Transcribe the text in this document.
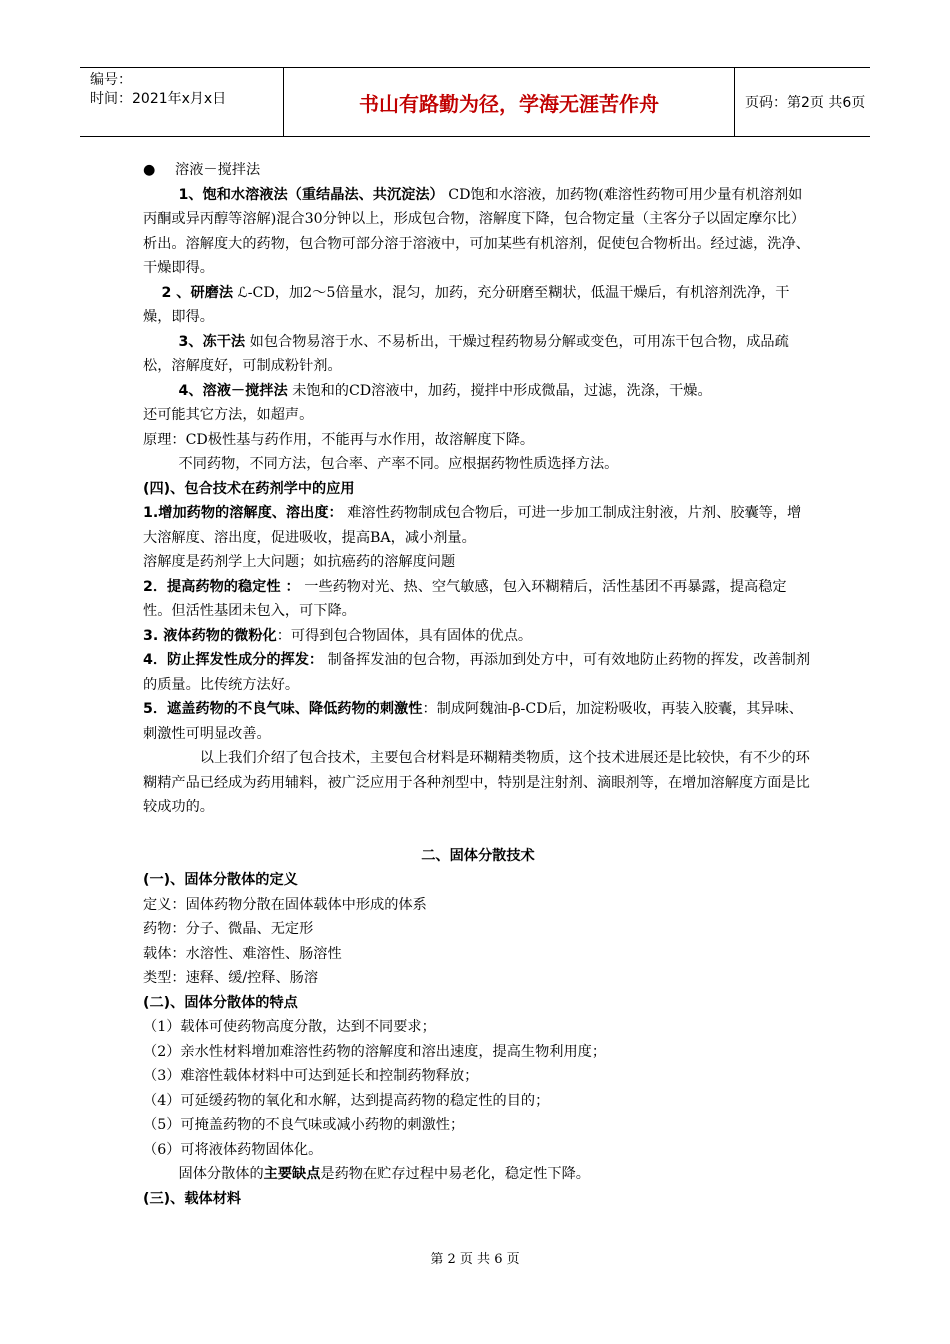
编号：
时间：2021年x月x日	书山有路勤为径，学海无涯苦作舟	页码：第2页 共6页

● 溶液－搅拌法

1、饱和水溶液法（重结晶法、共沉淀法） CD饱和水溶液，加药物(难溶性药物可用少量有机溶剂如丙酮或异丙醇等溶解)混合30分钟以上，形成包合物，溶解度下降，包合物定量（主客分子以固定摩尔比）析出。溶解度大的药物，包合物可部分溶于溶液中，可加某些有机溶剂，促使包合物析出。经过滤，洗净、干燥即得。

2 、研磨法 ℒ-CD，加2～5倍量水，混匀，加药，充分研磨至糊状，低温干燥后，有机溶剂洗净，干燥，即得。

3、冻干法 如包合物易溶于水、不易析出，干燥过程药物易分解或变色，可用冻干包合物，成品疏松，溶解度好，可制成粉针剂。

4、溶液－搅拌法 未饱和的CD溶液中，加药，搅拌中形成微晶，过滤，洗涤，干燥。

还可能其它方法，如超声。

原理：CD极性基与药作用，不能再与水作用，故溶解度下降。

不同药物，不同方法，包合率、产率不同。应根据药物性质选择方法。

(四)、包合技术在药剂学中的应用

1.增加药物的溶解度、溶出度： 难溶性药物制成包合物后，可进一步加工制成注射液，片剂、胶囊等，增大溶解度、溶出度，促进吸收，提高BA，减小剂量。

溶解度是药剂学上大问题；如抗癌药的溶解度问题

2．提高药物的稳定性 ： 一些药物对光、热、空气敏感，包入环糊精后，活性基团不再暴露，提高稳定性。但活性基团未包入，可下降。

3. 液体药物的微粉化：可得到包合物固体，具有固体的优点。

4．防止挥发性成分的挥发： 制备挥发油的包合物，再添加到处方中，可有效地防止药物的挥发，改善制剂的质量。比传统方法好。

5．遮盖药物的不良气味、降低药物的刺激性：制成阿魏油-β-CD后，加淀粉吸收，再装入胶囊，其异味、刺激性可明显改善。

以上我们介绍了包合技术，主要包合材料是环糊精类物质，这个技术进展还是比较快，有不少的环糊精产品已经成为药用辅料，被广泛应用于各种剂型中，特别是注射剂、滴眼剂等，在增加溶解度方面是比较成功的。

二、固体分散技术

(一)、固体分散体的定义

定义：固体药物分散在固体载体中形成的体系

药物：分子、微晶、无定形

载体：水溶性、难溶性、肠溶性

类型：速释、缓/控释、肠溶

(二)、固体分散体的特点

（1）载体可使药物高度分散，达到不同要求；

（2）亲水性材料增加难溶性药物的溶解度和溶出速度，提高生物利用度；

（3）难溶性载体材料中可达到延长和控制药物释放；

（4）可延缓药物的氧化和水解，达到提高药物的稳定性的目的；

（5）可掩盖药物的不良气味或减小药物的刺激性；

（6）可将液体药物固体化。

固体分散体的主要缺点是药物在贮存过程中易老化，稳定性下降。

(三)、载体材料

第 2 页 共 6 页
